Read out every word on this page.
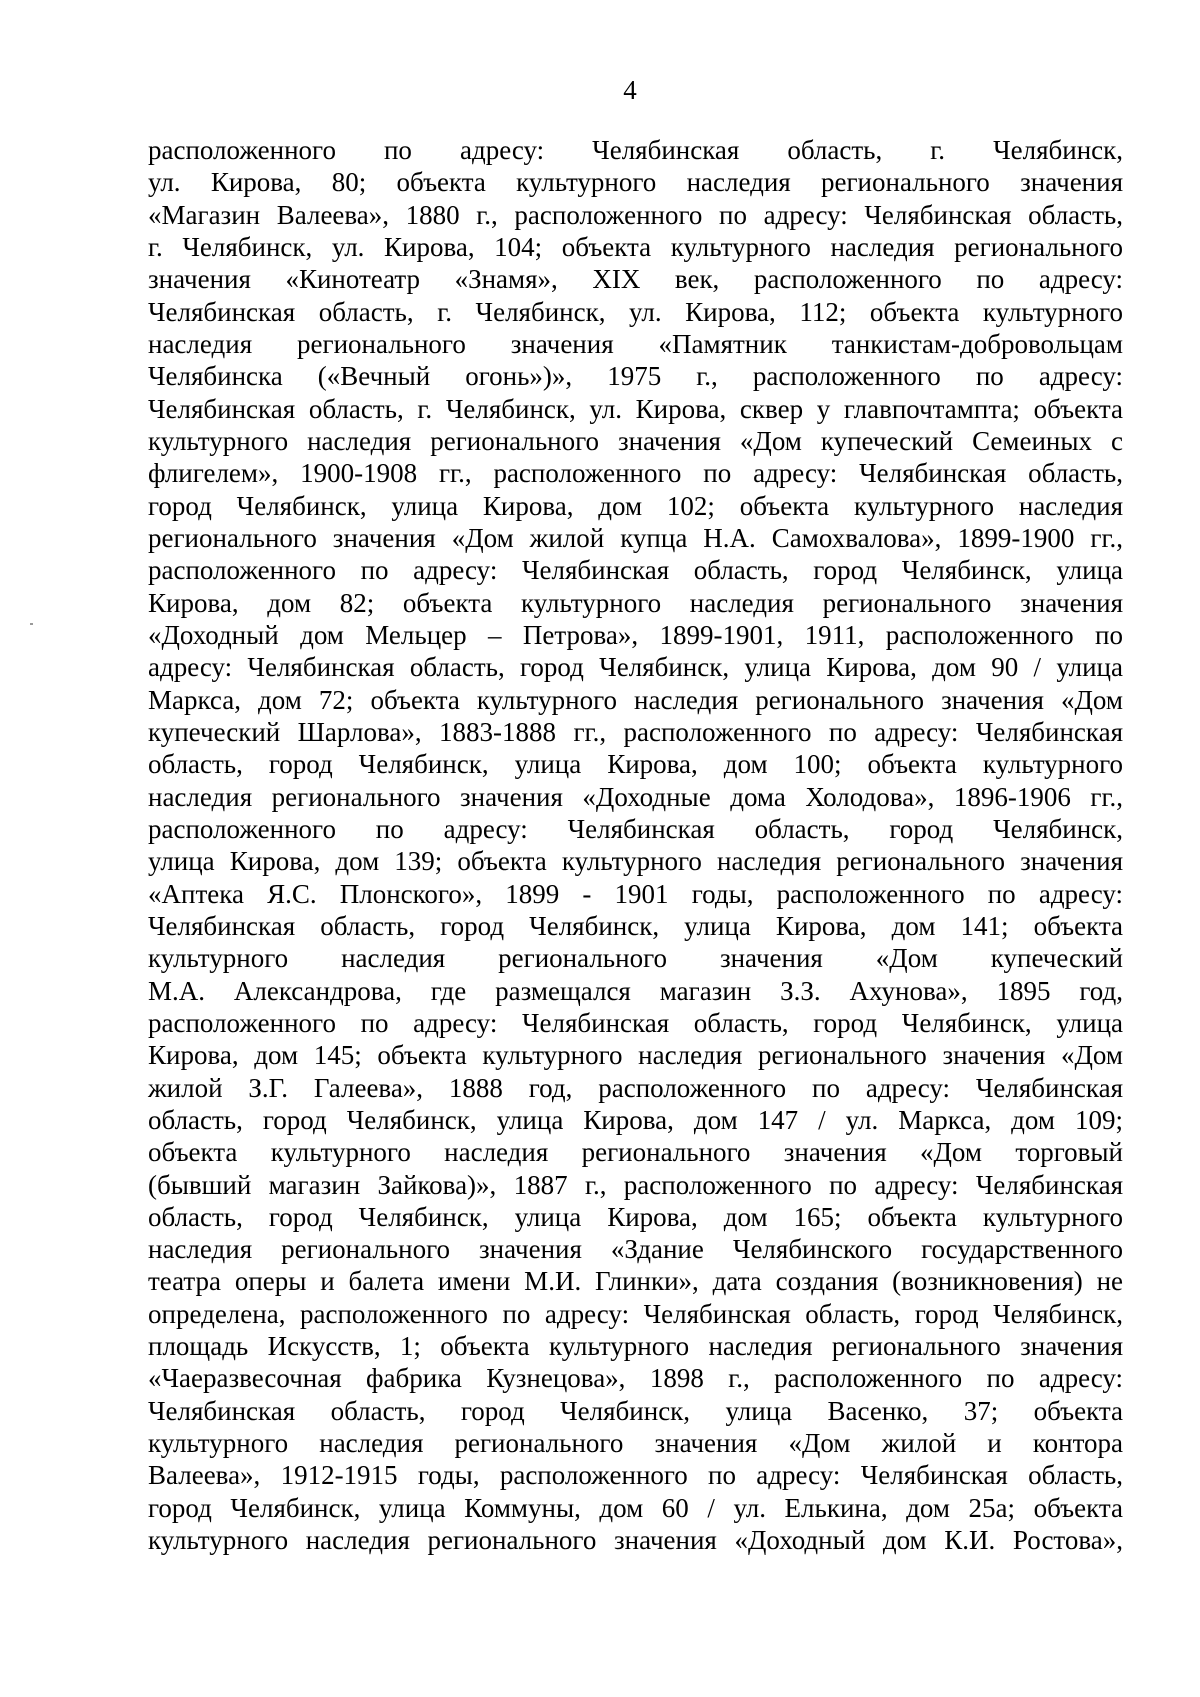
4
расположенного по адресу: Челябинская область, г. Челябинск,
ул. Кирова, 80; объекта культурного наследия регионального значения
«Магазин Валеева», 1880 г., расположенного по адресу: Челябинская область,
г. Челябинск, ул. Кирова, 104; объекта культурного наследия регионального
значения «Кинотеатр «Знамя», XIX век, расположенного по адресу:
Челябинская область, г. Челябинск, ул. Кирова, 112; объекта культурного
наследия регионального значения «Памятник танкистам-добровольцам
Челябинска («Вечный огонь»)», 1975 г., расположенного по адресу:
Челябинская область, г. Челябинск, ул. Кирова, сквер у главпочтампта; объекта
культурного наследия регионального значения «Дом купеческий Семеиных с
флигелем», 1900-1908 гг., расположенного по адресу: Челябинская область,
город Челябинск, улица Кирова, дом 102; объекта культурного наследия
регионального значения «Дом жилой купца Н.А. Самохвалова», 1899-1900 гг.,
расположенного по адресу: Челябинская область, город Челябинск, улица
Кирова, дом 82; объекта культурного наследия регионального значения
«Доходный дом Мельцер – Петрова», 1899-1901, 1911, расположенного по
адресу: Челябинская область, город Челябинск, улица Кирова, дом 90 / улица
Маркса, дом 72; объекта культурного наследия регионального значения «Дом
купеческий Шарлова», 1883-1888 гг., расположенного по адресу: Челябинская
область, город Челябинск, улица Кирова, дом 100; объекта культурного
наследия регионального значения «Доходные дома Холодова», 1896-1906 гг.,
расположенного по адресу: Челябинская область, город Челябинск,
улица Кирова, дом 139; объекта культурного наследия регионального значения
«Аптека Я.С. Плонского», 1899 - 1901 годы, расположенного по адресу:
Челябинская область, город Челябинск, улица Кирова, дом 141; объекта
культурного наследия регионального значения «Дом купеческий
М.А. Александрова, где размещался магазин З.З. Ахунова», 1895 год,
расположенного по адресу: Челябинская область, город Челябинск, улица
Кирова, дом 145; объекта культурного наследия регионального значения «Дом
жилой З.Г. Галеева», 1888 год, расположенного по адресу: Челябинская
область, город Челябинск, улица Кирова, дом 147 / ул. Маркса, дом 109;
объекта культурного наследия регионального значения «Дом торговый
(бывший магазин Зайкова)», 1887 г., расположенного по адресу: Челябинская
область, город Челябинск, улица Кирова, дом 165; объекта культурного
наследия регионального значения «Здание Челябинского государственного
театра оперы и балета имени М.И. Глинки», дата создания (возникновения) не
определена, расположенного по адресу: Челябинская область, город Челябинск,
площадь Искусств, 1; объекта культурного наследия регионального значения
«Чаеразвесочная фабрика Кузнецова», 1898 г., расположенного по адресу:
Челябинская область, город Челябинск, улица Васенко, 37; объекта
культурного наследия регионального значения «Дом жилой и контора
Валеева», 1912-1915 годы, расположенного по адресу: Челябинская область,
город Челябинск, улица Коммуны, дом 60 / ул. Елькина, дом 25а; объекта
культурного наследия регионального значения «Доходный дом К.И. Ростова»,
